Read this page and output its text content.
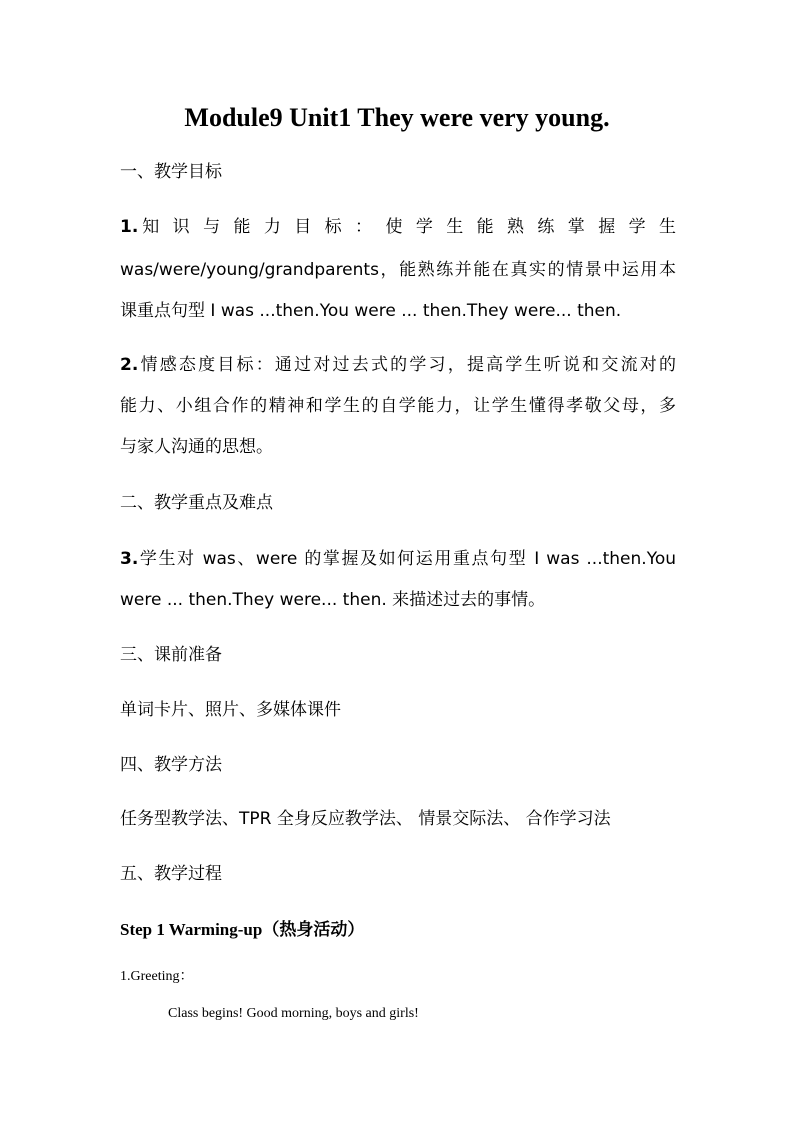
Module9 Unit1 They were very young.

一、教学目标

1.知 识 与 能 力 目 标 ： 使 学 生 能 熟 练 掌 握 学 生

was/were/young/grandparents，能熟练并能在真实的情景中运用本

课重点句型 I was ...then.You were ... then.They were... then.

2.情感态度目标：通过对过去式的学习，提高学生听说和交流对的

能力、小组合作的精神和学生的自学能力，让学生懂得孝敬父母，多

与家人沟通的思想。

二、教学重点及难点

3.学生对 was、were 的掌握及如何运用重点句型 I was ...then.You

were ... then.They were... then. 来描述过去的事情。

三、课前准备

单词卡片、照片、多媒体课件

四、教学方法

任务型教学法、TPR 全身反应教学法、 情景交际法、 合作学习法

五、教学过程

Step 1 Warming-up（热身活动）

1.Greeting：

Class begins! Good morning, boys and girls!
